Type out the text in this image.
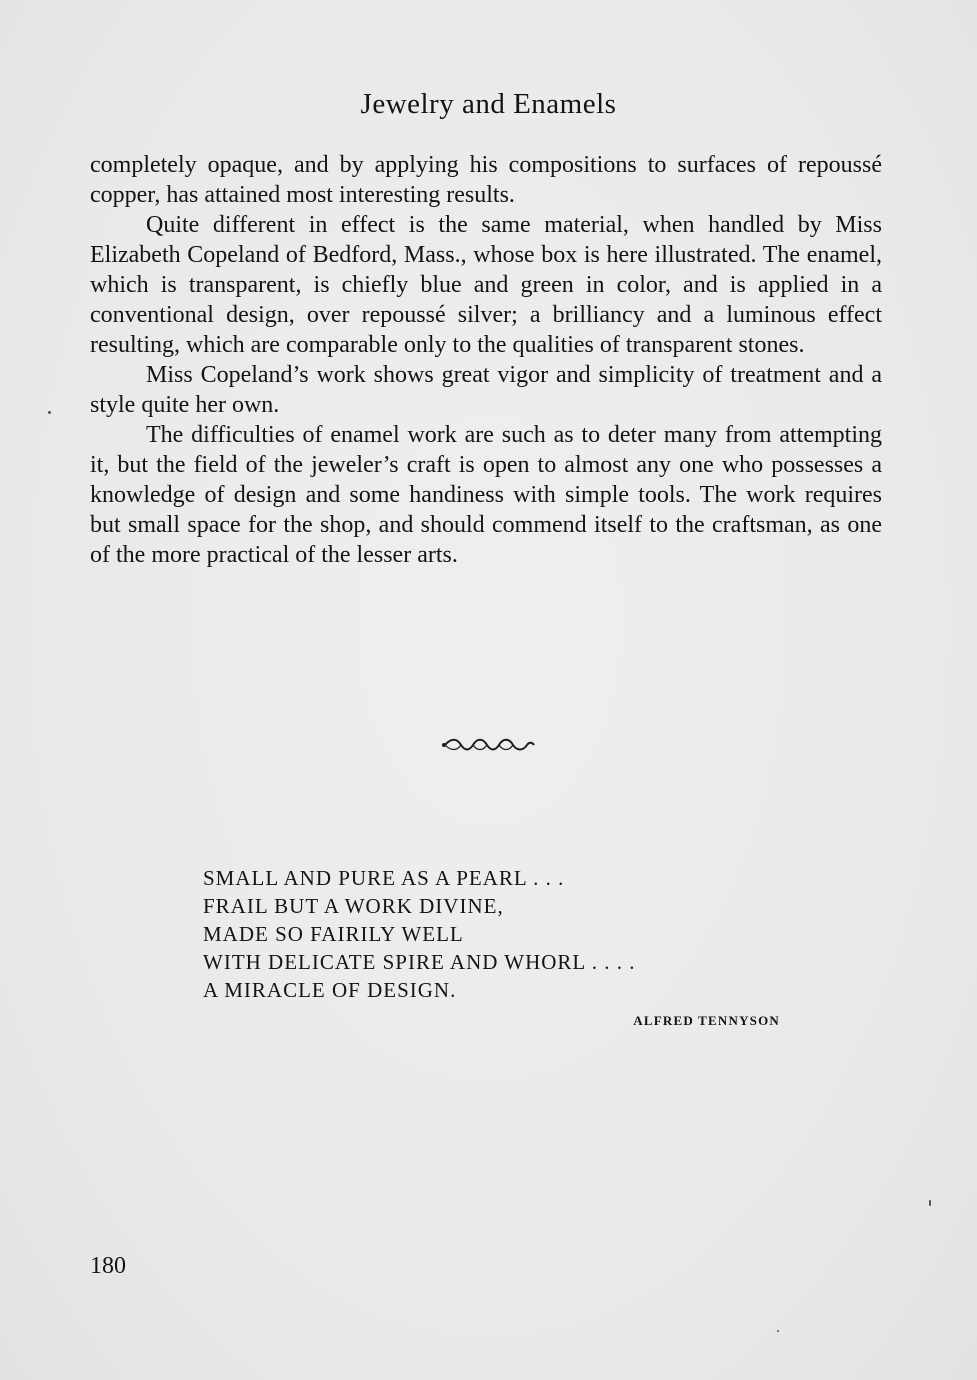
Jewelry and Enamels

completely opaque, and by applying his compositions to surfaces of repoussé copper, has attained most interesting results.

Quite different in effect is the same material, when handled by Miss Elizabeth Copeland of Bedford, Mass., whose box is here illustrated. The enamel, which is transparent, is chiefly blue and green in color, and is applied in a conventional design, over repoussé silver; a brilliancy and a luminous effect resulting, which are comparable only to the qualities of transparent stones.

Miss Copeland’s work shows great vigor and simplicity of treatment and a style quite her own.

The difficulties of enamel work are such as to deter many from attempting it, but the field of the jeweler’s craft is open to almost any one who possesses a knowledge of design and some handiness with simple tools. The work requires but small space for the shop, and should commend itself to the craftsman, as one of the more practical of the lesser arts.

SMALL AND PURE AS A PEARL . . .
FRAIL BUT A WORK DIVINE,
MADE SO FAIRILY WELL
WITH DELICATE SPIRE AND WHORL . . . .
A MIRACLE OF DESIGN.
ALFRED TENNYSON
180
